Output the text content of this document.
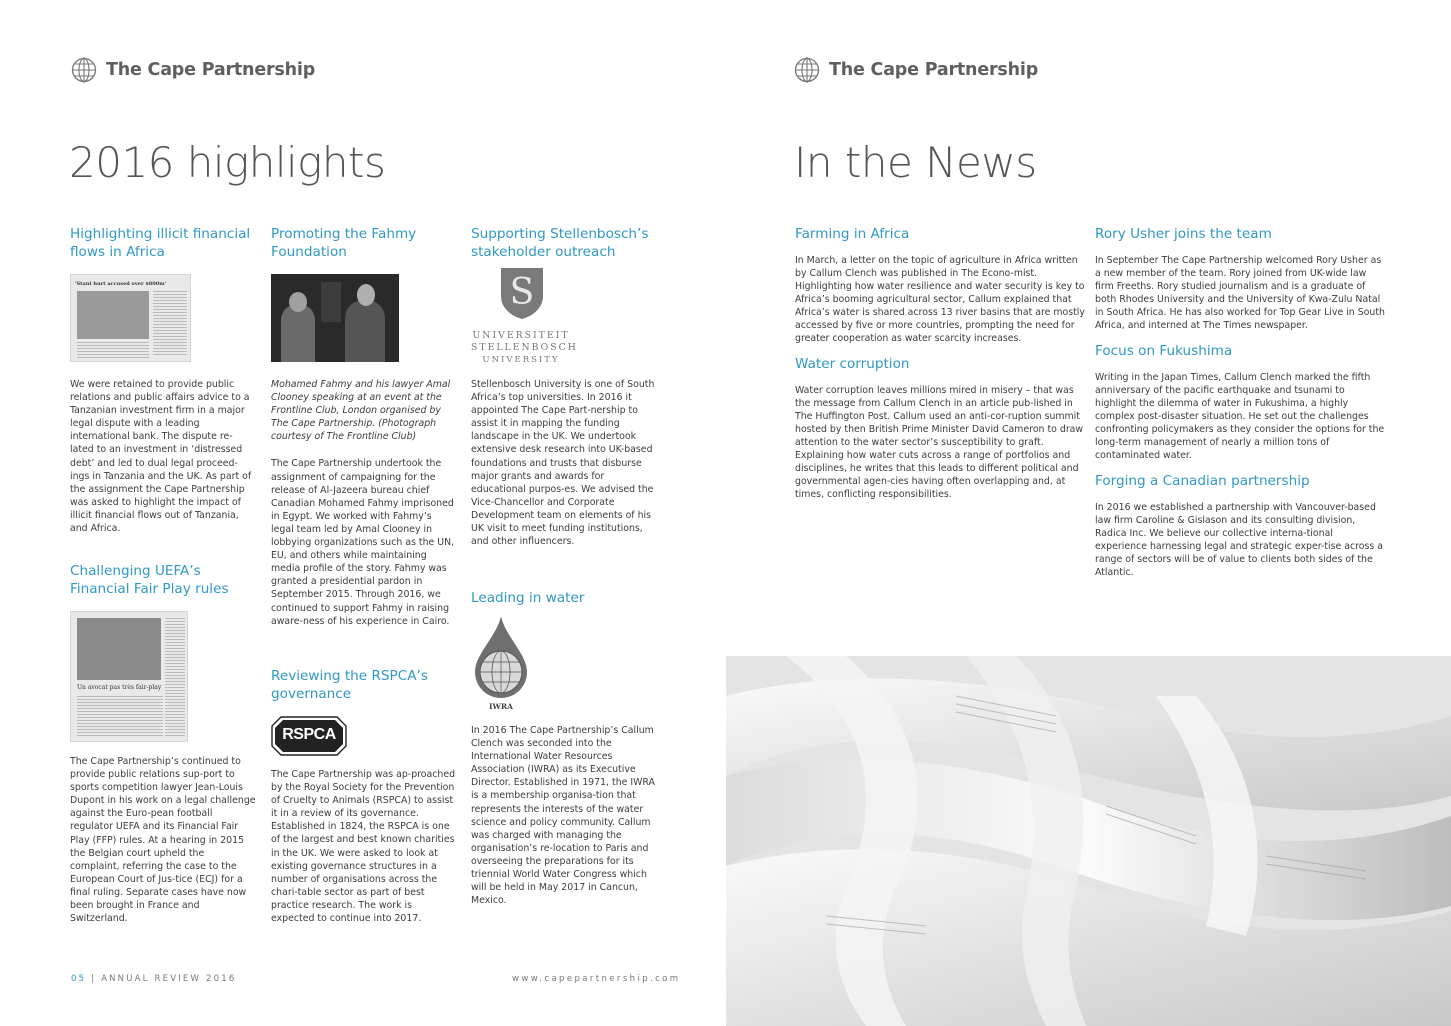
The Cape Partnership
2016 highlights
Highlighting illicit financial flows in Africa
'Stant hurt accused over $800m'

We were retained to provide public relations and public affairs advice to a Tanzanian investment firm in a major legal dispute with a leading international bank. The dispute re-lated to an investment in ‘distressed debt’ and led to dual legal proceed-ings in Tanzania and the UK. As part of the assignment the Cape Partnership was asked to highlight the impact of illicit financial flows out of Tanzania, and Africa.

Challenging UEFA’s Financial Fair Play rules
Un avocat pas très fair-play

The Cape Partnership’s continued to provide public relations sup-port to sports competition lawyer Jean-Louis Dupont in his work on a legal challenge against the Euro-pean football regulator UEFA and its Financial Fair Play (FFP) rules. At a hearing in 2015 the Belgian court upheld the complaint, referring the case to the European Court of Jus-tice (ECJ) for a final ruling. Separate cases have now been brought in France and Switzerland.

Promoting the Fahmy Foundation

Mohamed Fahmy and his lawyer Amal Clooney speaking at an event at the Frontline Club, London organised by The Cape Partnership. (Photograph courtesy of The Frontline Club)

The Cape Partnership undertook the assignment of campaigning for the release of Al-Jazeera bureau chief Canadian Mohamed Fahmy imprisoned in Egypt. We worked with Fahmy’s legal team led by Amal Clooney in lobbying organizations such as the UN, EU, and others while maintaining media profile of the story. Fahmy was granted a presidential pardon in September 2015. Through 2016, we continued to support Fahmy in raising aware-ness of his experience in Cairo.

Reviewing the RSPCA’s governance
RSPCA

The Cape Partnership was ap-proached by the Royal Society for the Prevention of Cruelty to Animals (RSPCA) to assist it in a review of its governance. Established in 1824, the RSPCA is one of the largest and best known charities in the UK. We were asked to look at existing governance structures in a number of organisations across the chari-table sector as part of best practice research. The work is expected to continue into 2017.

Supporting Stellenbosch’s stakeholder outreach
S
UNIVERSITEIT
STELLENBOSCH
UNIVERSITY

Stellenbosch University is one of South Africa’s top universities. In 2016 it appointed The Cape Part-nership to assist it in mapping the funding landscape in the UK. We undertook extensive desk research into UK-based foundations and trusts that disburse major grants and awards for educational purpos-es. We advised the Vice-Chancellor and Corporate Development team on elements of his UK visit to meet funding institutions, and other influencers.

Leading in water
IWRA

In 2016 The Cape Partnership’s Callum Clench was seconded into the International Water Resources Association (IWRA) as its Executive Director. Established in 1971, the IWRA is a membership organisa-tion that represents the interests of the water science and policy community. Callum was charged with managing the organisation’s re-location to Paris and overseeing the preparations for its triennial World Water Congress which will be held in May 2017 in Cancun, Mexico.

05 | ANNUAL REVIEW 2016	www.capepartnership.com
The Cape Partnership
In the News
Farming in Africa

In March, a letter on the topic of agriculture in Africa written by Callum Clench was published in The Econo-mist. Highlighting how water resilience and water security is key to Africa’s booming agricultural sector, Callum explained that Africa’s water is shared across 13 river basins that are mostly accessed by five or more countries, prompting the need for greater cooperation as water scarcity increases.

Water corruption

Water corruption leaves millions mired in misery – that was the message from Callum Clench in an article pub-lished in The Huffington Post. Callum used an anti-cor-ruption summit hosted by then British Prime Minister David Cameron to draw attention to the water sector’s susceptibility to graft. Explaining how water cuts across a range of portfolios and disciplines, he writes that this leads to different political and governmental agen-cies having often overlapping and, at times, conflicting responsibilities.

Rory Usher joins the team

In September The Cape Partnership welcomed Rory Usher as a new member of the team. Rory joined from UK-wide law firm Freeths. Rory studied journalism and is a graduate of both Rhodes University and the University of Kwa-Zulu Natal in South Africa. He has also worked for Top Gear Live in South Africa, and interned at The Times newspaper.

Focus on Fukushima

Writing in the Japan Times, Callum Clench marked the fifth anniversary of the pacific earthquake and tsunami to highlight the dilemma of water in Fukushima, a highly complex post-disaster situation. He set out the challenges confronting policymakers as they consider the options for the long-term management of nearly a million tons of contaminated water.

Forging a Canadian partnership

In 2016 we established a partnership with Vancouver-based law firm Caroline & Gislason and its consulting division, Radica Inc. We believe our collective interna-tional experience harnessing legal and strategic exper-tise across a range of sectors will be of value to clients both sides of the Atlantic.
